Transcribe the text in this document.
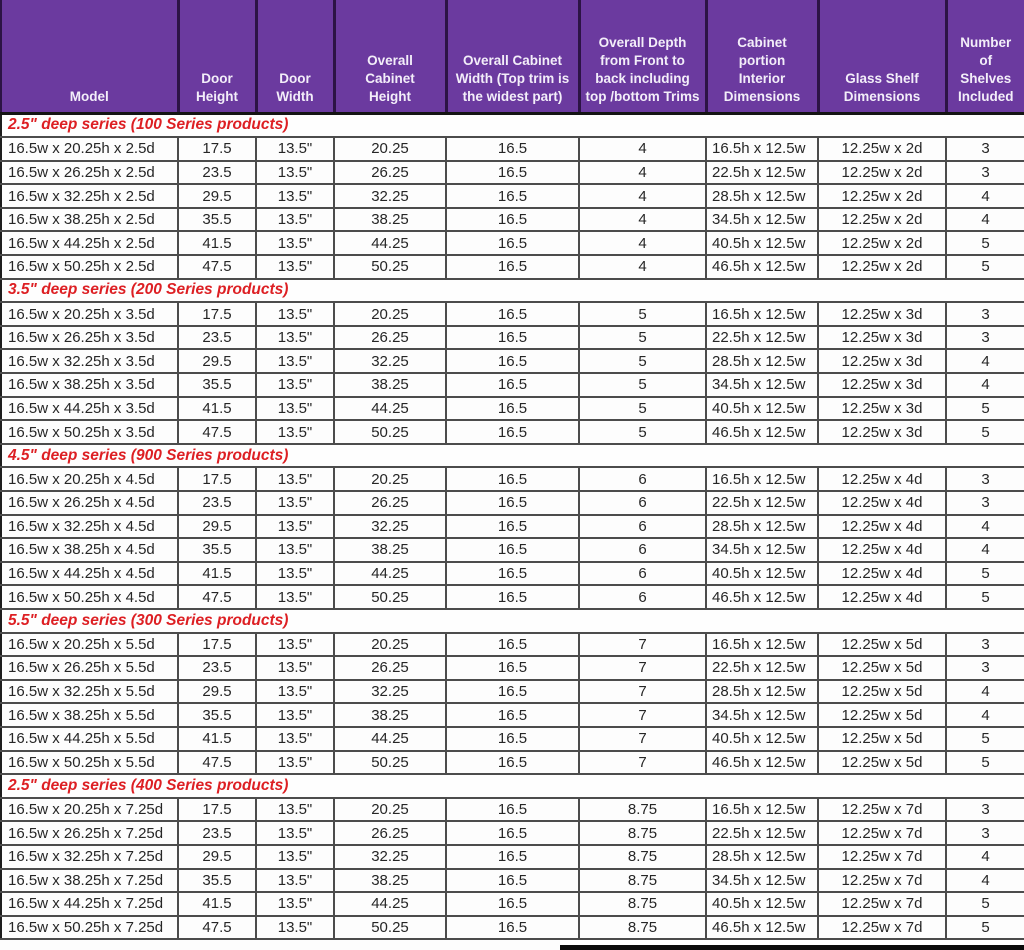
Model	Door Height	Door Width	Overall Cabinet Height	Overall Cabinet Width (Top trim is the widest part)	Overall Depth from Front to back including top /bottom Trims	Cabinet portion Interior Dimensions	Glass Shelf Dimensions	Number of Shelves Included
2.5" deep series (100 Series products)								
16.5w x 20.25h x 2.5d	17.5	13.5"	20.25	16.5	4	16.5h x 12.5w	12.25w x 2d	3
16.5w x 26.25h x 2.5d	23.5	13.5"	26.25	16.5	4	22.5h x 12.5w	12.25w x 2d	3
16.5w x 32.25h x 2.5d	29.5	13.5"	32.25	16.5	4	28.5h x 12.5w	12.25w x 2d	4
16.5w x 38.25h x 2.5d	35.5	13.5"	38.25	16.5	4	34.5h x 12.5w	12.25w x 2d	4
16.5w x 44.25h x 2.5d	41.5	13.5"	44.25	16.5	4	40.5h x 12.5w	12.25w x 2d	5
16.5w x 50.25h x 2.5d	47.5	13.5"	50.25	16.5	4	46.5h x 12.5w	12.25w x 2d	5
3.5" deep series (200 Series products)								
16.5w x 20.25h x 3.5d	17.5	13.5"	20.25	16.5	5	16.5h x 12.5w	12.25w x 3d	3
16.5w x 26.25h x 3.5d	23.5	13.5"	26.25	16.5	5	22.5h x 12.5w	12.25w x 3d	3
16.5w x 32.25h x 3.5d	29.5	13.5"	32.25	16.5	5	28.5h x 12.5w	12.25w x 3d	4
16.5w x 38.25h x 3.5d	35.5	13.5"	38.25	16.5	5	34.5h x 12.5w	12.25w x 3d	4
16.5w x 44.25h x 3.5d	41.5	13.5"	44.25	16.5	5	40.5h x 12.5w	12.25w x 3d	5
16.5w x 50.25h x 3.5d	47.5	13.5"	50.25	16.5	5	46.5h x 12.5w	12.25w x 3d	5
4.5" deep series (900 Series products)								
16.5w x 20.25h x 4.5d	17.5	13.5"	20.25	16.5	6	16.5h x 12.5w	12.25w x 4d	3
16.5w x 26.25h x 4.5d	23.5	13.5"	26.25	16.5	6	22.5h x 12.5w	12.25w x 4d	3
16.5w x 32.25h x 4.5d	29.5	13.5"	32.25	16.5	6	28.5h x 12.5w	12.25w x 4d	4
16.5w x 38.25h x 4.5d	35.5	13.5"	38.25	16.5	6	34.5h x 12.5w	12.25w x 4d	4
16.5w x 44.25h x 4.5d	41.5	13.5"	44.25	16.5	6	40.5h x 12.5w	12.25w x 4d	5
16.5w x 50.25h x 4.5d	47.5	13.5"	50.25	16.5	6	46.5h x 12.5w	12.25w x 4d	5
5.5" deep series (300 Series products)								
16.5w x 20.25h x 5.5d	17.5	13.5"	20.25	16.5	7	16.5h x 12.5w	12.25w x 5d	3
16.5w x 26.25h x 5.5d	23.5	13.5"	26.25	16.5	7	22.5h x 12.5w	12.25w x 5d	3
16.5w x 32.25h x 5.5d	29.5	13.5"	32.25	16.5	7	28.5h x 12.5w	12.25w x 5d	4
16.5w x 38.25h x 5.5d	35.5	13.5"	38.25	16.5	7	34.5h x 12.5w	12.25w x 5d	4
16.5w x 44.25h x 5.5d	41.5	13.5"	44.25	16.5	7	40.5h x 12.5w	12.25w x 5d	5
16.5w x 50.25h x 5.5d	47.5	13.5"	50.25	16.5	7	46.5h x 12.5w	12.25w x 5d	5
2.5" deep series (400 Series products)								
16.5w x 20.25h x 7.25d	17.5	13.5"	20.25	16.5	8.75	16.5h x 12.5w	12.25w x 7d	3
16.5w x 26.25h x 7.25d	23.5	13.5"	26.25	16.5	8.75	22.5h x 12.5w	12.25w x 7d	3
16.5w x 32.25h x 7.25d	29.5	13.5"	32.25	16.5	8.75	28.5h x 12.5w	12.25w x 7d	4
16.5w x 38.25h x 7.25d	35.5	13.5"	38.25	16.5	8.75	34.5h x 12.5w	12.25w x 7d	4
16.5w x 44.25h x 7.25d	41.5	13.5"	44.25	16.5	8.75	40.5h x 12.5w	12.25w x 7d	5
16.5w x 50.25h x 7.25d	47.5	13.5"	50.25	16.5	8.75	46.5h x 12.5w	12.25w x 7d	5
